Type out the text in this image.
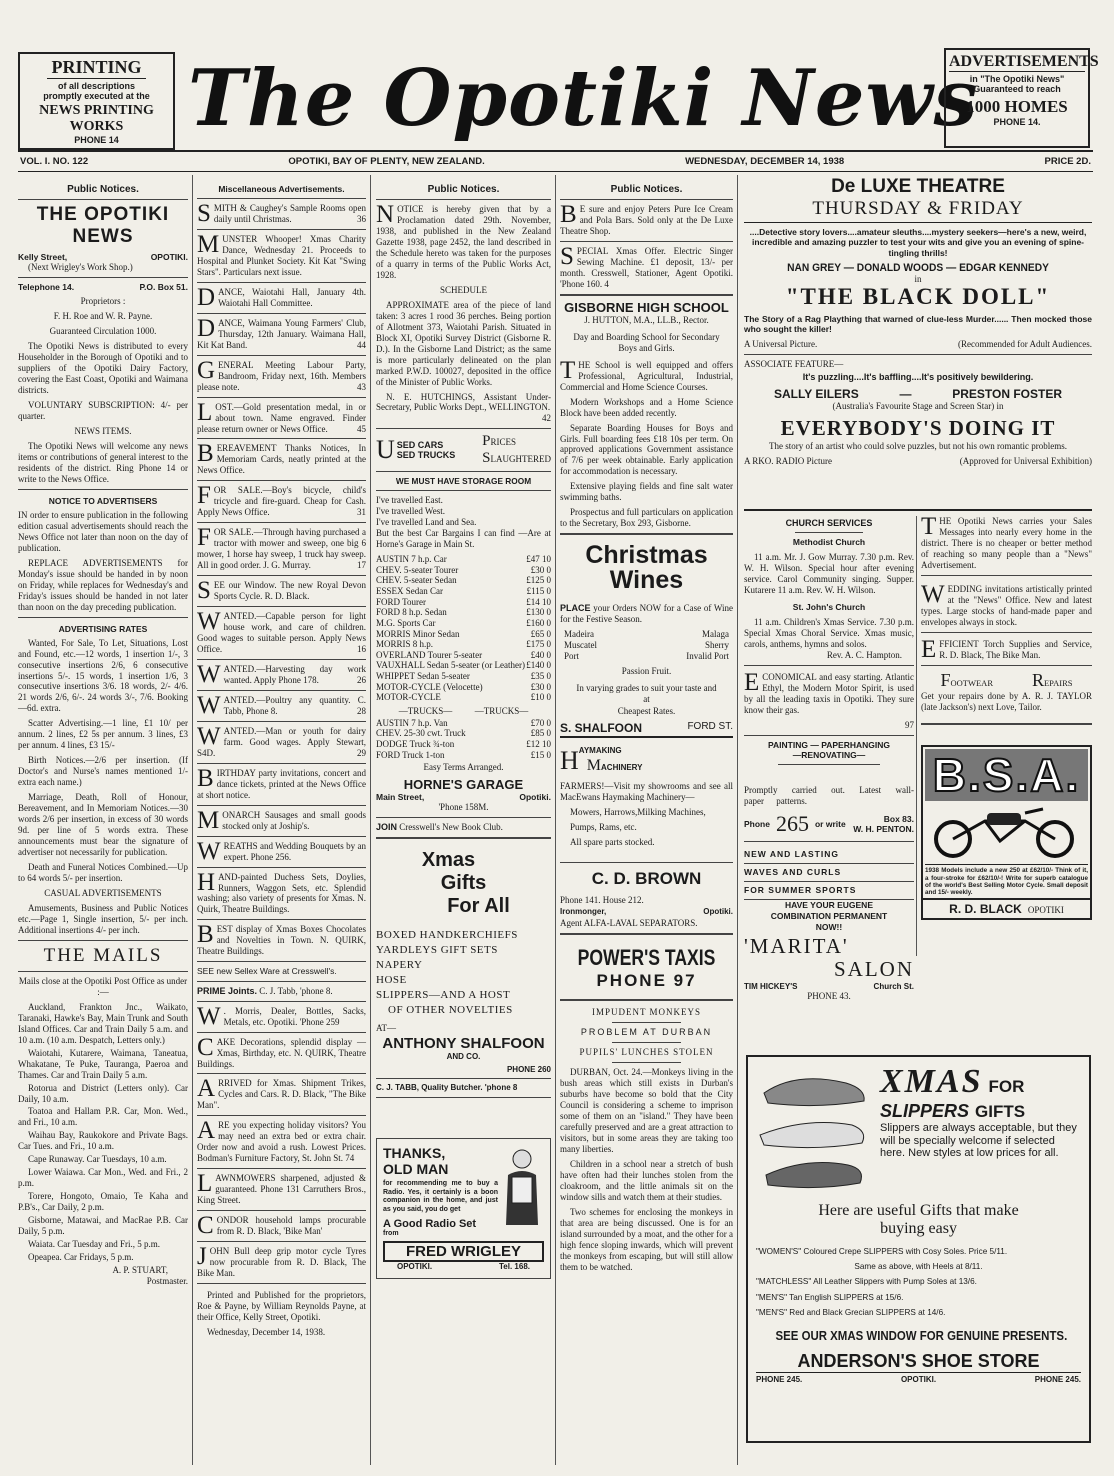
PRINTING
of all descriptions
promptly executed at the
NEWS PRINTING WORKS
PHONE 14 The Opotiki News
ADVERTISEMENTS
in "The Opotiki News"
Guaranteed to reach
1000 HOMES
PHONE 14.
VOL. I. NO. 122	OPOTIKI, BAY OF PLENTY, NEW ZEALAND.	WEDNESDAY, DECEMBER 14, 1938	PRICE 2D.
Public Notices.
THE OPOTIKI NEWS
Kelly Street,	OPOTIKI.

(Next Wrigley's Work Shop.)

Telephone 14.	P.O. Box 51.

Proprietors :

F. H. Roe and W. R. Payne.

Guaranteed Circulation 1000.

The Opotiki News is distributed to every Householder in the Borough of Opotiki and to suppliers of the Opotiki Dairy Factory, covering the East Coast, Opotiki and Waimana districts.

VOLUNTARY SUBSCRIPTION: 4/- per quarter.

NEWS ITEMS.

The Opotiki News will welcome any news items or contributions of general interest to the residents of the district. Ring Phone 14 or write to the News Office.

NOTICE TO ADVERTISERS

IN order to ensure publication in the following edition casual advertisements should reach the News Office not later than noon on the day of publication.

REPLACE ADVERTISEMENTS for Monday's issue should be handed in by noon on Friday, while replaces for Wednesday's and Friday's issues should be handed in not later than noon on the day preceding publication.

ADVERTISING RATES

Wanted, For Sale, To Let, Situations, Lost and Found, etc.—12 words, 1 insertion 1/-, 3 consecutive insertions 2/6, 6 consecutive insertions 5/-. 15 words, 1 insertion 1/6, 3 consecutive insertions 3/6. 18 words, 2/- 4/6. 21 words 2/6, 6/-. 24 words 3/-, 7/6. Booking—6d. extra.

Scatter Advertising.—1 line, £1 10/ per annum. 2 lines, £2 5s per annum. 3 lines, £3 per annum. 4 lines, £3 15/-

Birth Notices.—2/6 per insertion. (If Doctor's and Nurse's names mentioned 1/- extra each name.)

Marriage, Death, Roll of Honour, Bereavement, and In Memoriam Notices.—30 words 2/6 per insertion, in excess of 30 words 9d. per line of 5 words extra. These announcements must bear the signature of advertiser not necessarily for publication.

Death and Funeral Notices Combined.—Up to 64 words 5/- per insertion.

CASUAL ADVERTISEMENTS

Amusements, Business and Public Notices etc.—Page 1, Single insertion, 5/- per inch. Additional insertions 4/- per inch.

THE MAILS

Mails close at the Opotiki Post Office as under :—

Auckland, Frankton Jnc., Waikato, Taranaki, Hawke's Bay, Main Trunk and South Island Offices. Car and Train Daily 5 a.m. and 10 a.m. (10 a.m. Despatch, Letters only.)

Waiotahi, Kutarere, Waimana, Taneatua, Whakatane, Te Puke, Tauranga, Paeroa and Thames. Car and Train Daily 5 a.m.

Rotorua and District (Letters only). Car Daily, 10 a.m.

Toatoa and Hallam P.R. Car, Mon. Wed., and Fri., 10 a.m.

Waihau Bay, Raukokore and Private Bags. Car Tues. and Fri., 10 a.m.

Cape Runaway. Car Tuesdays, 10 a.m.

Lower Waiawa. Car Mon., Wed. and Fri., 2 p.m.

Torere, Hongoto, Omaio, Te Kaha and P.B's., Car Daily, 2 p.m.

Gisborne, Matawai, and MacRae P.B. Car Daily, 5 p.m.

Waiata. Car Tuesday and Fri., 5 p.m.

Opeapea. Car Fridays, 5 p.m.

A. P. STUART,

Postmaster.

Miscellaneous Advertisements.

SMITH & Caughey's Sample Rooms open daily until Christmas.	36

MUNSTER Whooper! Xmas Charity Dance, Wednesday 21. Proceeds to Hospital and Plunket Society. Kit Kat "Swing Stars". Particulars next issue.

DANCE, Waiotahi Hall, January 4th. Waiotahi Hall Committee.

DANCE, Waimana Young Farmers' Club, Thursday, 12th January. Waimana Hall, Kit Kat Band.	44

GENERAL Meeting Labour Party, Bandroom, Friday next, 16th. Members please note.	43

LOST.—Gold presentation medal, in or about town. Name engraved. Finder please return owner or News Office.	45

BEREAVEMENT Thanks Notices, In Memoriam Cards, neatly printed at the News Office.

FOR SALE.—Boy's bicycle, child's tricycle and fire-guard. Cheap for Cash. Apply News Office.	31

FOR SALE.—Through having purchased a tractor with mower and sweep, one big 6 mower, 1 horse hay sweep, 1 truck hay sweep. All in good order. J. G. Murray.	17

SEE our Window. The new Royal Devon Sports Cycle. R. D. Black.

WANTED.—Capable person for light house work, and care of children. Good wages to suitable person. Apply News Office.	16

WANTED.—Harvesting day work wanted. Apply Phone 178.	26

WANTED.—Poultry any quantity. C. Tabb, Phone 8.	28

WANTED.—Man or youth for dairy farm. Good wages. Apply Stewart, S4D.	29

BIRTHDAY party invitations, concert and dance tickets, printed at the News Office at short notice.

MONARCH Sausages and small goods stocked only at Joship's.

WREATHS and Wedding Bouquets by an expert. Phone 256.

HAND-painted Duchess Sets, Doylies, Runners, Waggon Sets, etc. Splendid washing; also variety of presents for Xmas. N. Quirk, Theatre Buildings.

BEST display of Xmas Boxes Chocolates and Novelties in Town. N. QUIRK, Theatre Buildings.

SEE new Sellex Ware at Cresswell's.

PRIME Joints. C. J. Tabb, 'phone 8.

W . Morris, Dealer, Bottles, Sacks, Metals, etc. Opotiki. 'Phone 259

CAKE Decorations, splendid display —Xmas, Birthday, etc. N. QUIRK, Theatre Buildings.

ARRIVED for Xmas. Shipment Trikes, Cycles and Cars. R. D. Black, "The Bike Man".

ARE you expecting holiday visitors? You may need an extra bed or extra chair. Order now and avoid a rush. Lowest Prices. Bodman's Furniture Factory, St. John St. 74

LAWNMOWERS sharpened, adjusted & guaranteed. Phone 131 Carruthers Bros., King Street.

CONDOR household lamps procurable from R. D. Black, 'Bike Man'

JOHN Bull deep grip motor cycle Tyres now procurable from R. D. Black, The Bike Man.

Printed and Published for the proprietors, Roe & Payne, by William Reynolds Payne, at their Office, Kelly Street, Opotiki.

Wednesday, December 14, 1938.

Public Notices.

NOTICE is hereby given that by a Proclamation dated 29th. November, 1938, and published in the New Zealand Gazette 1938, page 2452, the land described in the Schedule hereto was taken for the purposes of a quarry in terms of the Public Works Act, 1928.

SCHEDULE

APPROXIMATE area of the piece of land taken: 3 acres 1 rood 36 perches. Being portion of Allotment 373, Waiotahi Parish. Situated in Block XI, Opotiki Survey District (Gisborne R. D.). In the Gisborne Land District; as the same is more particularly delineated on the plan marked P.W.D. 100027, deposited in the office of the Minister of Public Works.

N. E. HUTCHINGS, Assistant Under-Secretary, Public Works Dept., WELLINGTON.

42

U SED CARS
SED TRUCKS
PRICES
SLAUGHTERED
WE MUST HAVE STORAGE ROOM

I've travelled East.

I've travelled West.

I've travelled Land and Sea.

But the best Car Bargains I can find —Are at Horne's Garage in Main St.

AUSTIN 7 h.p. Car	£47 10
CHEV. 5-seater Tourer	£30 0
CHEV. 5-seater Sedan	£125 0
ESSEX Sedan Car	£115 0
FORD Tourer	£14 10
FORD 8 h.p. Sedan	£130 0
M.G. Sports Car	£160 0
MORRIS Minor Sedan	£65 0
MORRIS 8 h.p.	£175 0
OVERLAND Tourer 5-seater	£40 0
VAUXHALL Sedan 5-seater (or Leather)	£140 0
WHIPPET Sedan 5-seater	£35 0
MOTOR-CYCLE (Velocette)	£30 0
MOTOR-CYCLE	£10 0

—TRUCKS—          —TRUCKS—

AUSTIN 7 h.p. Van	£70 0
CHEV. 25-30 cwt. Truck	£85 0
DODGE Truck ¾-ton	£12 10
FORD Truck 1-ton	£15 0

Easy Terms Arranged.

HORNE'S GARAGE
Main Street,	Opotiki.

'Phone 158M.

JOIN Cresswell's New Book Club.

Xmas
Gifts
For All
BOXED HANDKERCHIEFS
YARDLEYS GIFT SETS
NAPERY
HOSE
SLIPPERS—AND A HOST
OF OTHER NOVELTIES

AT—

ANTHONY SHALFOON
AND CO.
PHONE 260

C. J. TABB, Quality Butcher. 'phone 8

THANKS,
OLD MAN

for recommending me to buy a Radio. Yes, it certainly is a boon companion in the home, and just as you said, you do get

A Good Radio Set
from
FRED WRIGLEY
OPOTIKI.	Tel. 168.
Public Notices.

B E sure and enjoy Peters Pure Ice Cream and Pola Bars. Sold only at the De Luxe Theatre Shop.

SPECIAL Xmas Offer. Electric Singer Sewing Machine. £1 deposit, 13/- per month. Cresswell, Stationer, Agent Opotiki. 'Phone 160. 4

GISBORNE HIGH SCHOOL

J. HUTTON, M.A., LL.B., Rector.

Day and Boarding School for Secondary Boys and Girls.

THE School is well equipped and offers Professional, Agricultural, Industrial, Commercial and Home Science Courses.

Modern Workshops and a Home Science Block have been added recently.

Separate Boarding Houses for Boys and Girls. Full boarding fees £18 10s per term. On approved applications Government assistance of 7/6 per week obtainable. Early application for accommodation is necessary.

Extensive playing fields and fine salt water swimming baths.

Prospectus and full particulars on application to the Secretary, Box 293, Gisborne.

Christmas
Wines

PLACE your Orders NOW for a Case of Wine for the Festive Season.

Madeira	Malaga
Muscatel	Sherry
Port	Invalid Port

Passion Fruit.

In varying grades to suit your taste and at

Cheapest Rates.

S. SHALFOON	FORD ST.
H AYMAKING
MACHINERY

FARMERS!—Visit my showrooms and see all MacEwans Haymaking Machinery—

Mowers, Harrows,Milking Machines,

Pumps, Rams, etc.

All spare parts stocked.

C. D. BROWN

Phone 141. House 212.

Ironmonger,	Opotiki.

Agent ALFA-LAVAL SEPARATORS.

POWER'S TAXIS
PHONE 97

IMPUDENT MONKEYS

PROBLEM AT DURBAN

PUPILS' LUNCHES STOLEN

DURBAN, Oct. 24.—Monkeys living in the bush areas which still exists in Durban's suburbs have become so bold that the City Council is considering a scheme to imprison some of them on an "island." They have been carefully preserved and are a great attraction to visitors, but in some areas they are taking too many liberties.

Children in a school near a stretch of bush have often had their lunches stolen from the cloakroom, and the little animals sit on the window sills and watch them at their studies.

Two schemes for enclosing the monkeys in that area are being discussed. One is for an island surrounded by a moat, and the other for a high fence sloping inwards, which will prevent the monkeys from escaping, but will still allow them to be watched.

De LUXE THEATRE
THURSDAY & FRIDAY

....Detective story lovers....amateur sleuths....mystery seekers—here's a new, weird, incredible and amazing puzzler to test your wits and give you an evening of spine-tingling thrills!

NAN GREY — DONALD WOODS — EDGAR KENNEDY
in
"THE BLACK DOLL"

The Story of a Rag Plaything that warned of clue-less Murder...... Then mocked those who sought the killer!

A Universal Picture.	(Recommended for Adult Audiences.

ASSOCIATE FEATURE—

It's puzzling....It's baffling....It's positively bewildering.

SALLY EILERS	—	PRESTON FOSTER

(Australia's Favourite Stage and Screen Star) in

EVERYBODY'S DOING IT

The story of an artist who could solve puzzles, but not his own romantic problems.

A RKO. RADIO Picture	(Approved for Universal Exhibition)
CHURCH SERVICES
Methodist Church

11 a.m. Mr. J. Gow Murray. 7.30 p.m. Rev. W. H. Wilson. Special hour after evening service. Carol Community singing. Supper. Kutarere 11 a.m. Rev. W. H. Wilson.

St. John's Church

11 a.m. Children's Xmas Service. 7.30 p.m. Special Xmas Choral Service. Xmas music, carols, anthems, hymns and solos.

Rev. A. C. Hampton.

ECONOMICAL and easy starting. Atlantic Ethyl, the Modern Motor Spirit, is used by all the leading taxis in Opotiki. They sure know their gas.

97

PAINTING — PAPERHANGING
—RENOVATING—

Promptly carried out. Latest wall-paper patterns.

Phone 265 or write	Box 83.
W. H. PENTON.
NEW AND LASTING
WAVES AND CURLS
FOR SUMMER SPORTS
HAVE YOUR EUGENE
COMBINATION PERMANENT
NOW!!
'MARITA'
SALON
TIM HICKEY'S	Church St.

PHONE 43.

THE Opotiki News carries your Sales Messages into nearly every home in the district. There is no cheaper or better method of reaching so many people than a "News" Advertisement.

WEDDING invitations artistically printed at the "News" Office. New and latest types. Large stocks of hand-made paper and envelopes always in stock.

EFFICIENT Torch Supplies and Service, R. D. Black, The Bike Man.

FOOTWEAR REPAIRS

Get your repairs done by A. R. J. TAYLOR (late Jackson's) next Love, Tailor.

B.S.A.

1938 Models include a new 250 at £62/10/- Think of it, a four-stroke for £62/10/-! Write for superb catalogue of the world's Best Selling Motor Cycle. Small deposit and 15/- weekly.

R. D. BLACK OPOTIKI
XMAS FOR
SLIPPERS GIFTS

Slippers are always acceptable, but they will be specially welcome if selected here. New styles at low prices for all.

Here are useful Gifts that make
buying easy
"WOMEN'S" Coloured Crepe SLIPPERS with Cosy Soles. Price 5/11.
Same as above, with Heels at 8/11.
"MATCHLESS" All Leather Slippers with Pump Soles at 13/6.
"MEN'S" Tan English SLIPPERS at 15/6.
"MEN'S" Red and Black Grecian SLIPPERS at 14/6.
SEE OUR XMAS WINDOW FOR GENUINE PRESENTS.
ANDERSON'S SHOE STORE
PHONE 245.	OPOTIKI.	PHONE 245.
